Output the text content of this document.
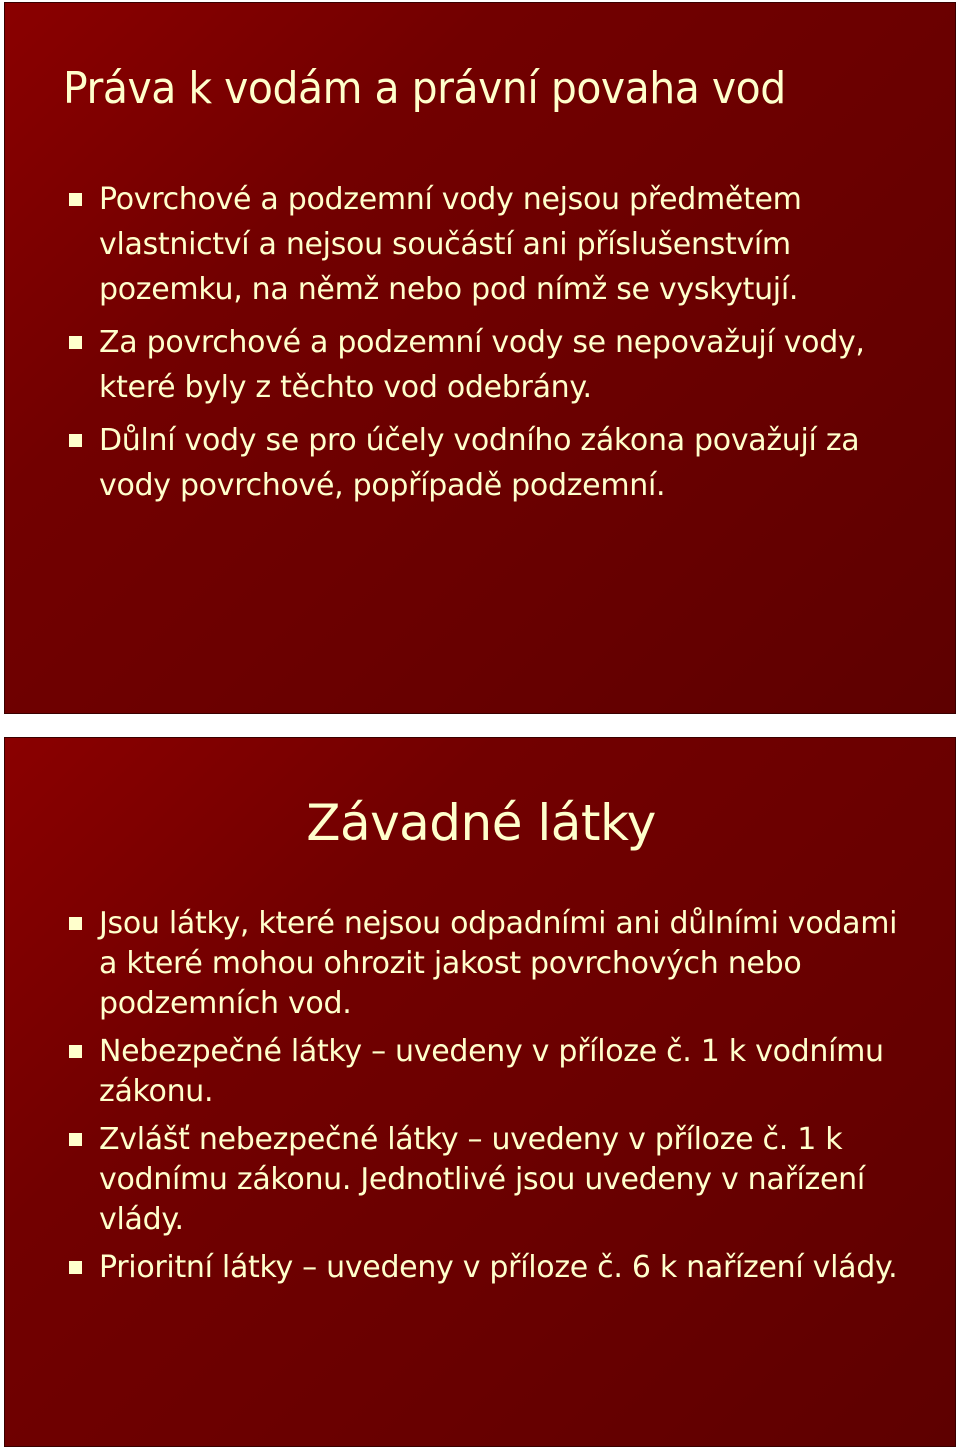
Práva k vodám a právní povaha vod
Povrchové a podzemní vody nejsou předmětem vlastnictví a nejsou součástí ani příslušenstvím pozemku, na němž nebo pod nímž se vyskytují.
Za povrchové a podzemní vody se nepovažují vody, které byly z těchto vod odebrány.
Důlní vody se pro účely vodního zákona považují za vody povrchové, popřípadě podzemní.
Závadné látky
Jsou látky, které nejsou odpadními ani důlními vodami a které mohou ohrozit jakost povrchových nebo podzemních vod.
Nebezpečné látky – uvedeny v příloze č. 1 k vodnímu zákonu.
Zvlášť nebezpečné látky – uvedeny v příloze č. 1 k vodnímu zákonu. Jednotlivé jsou uvedeny v nařízení vlády.
Prioritní látky – uvedeny v příloze č. 6 k nařízení vlády.
